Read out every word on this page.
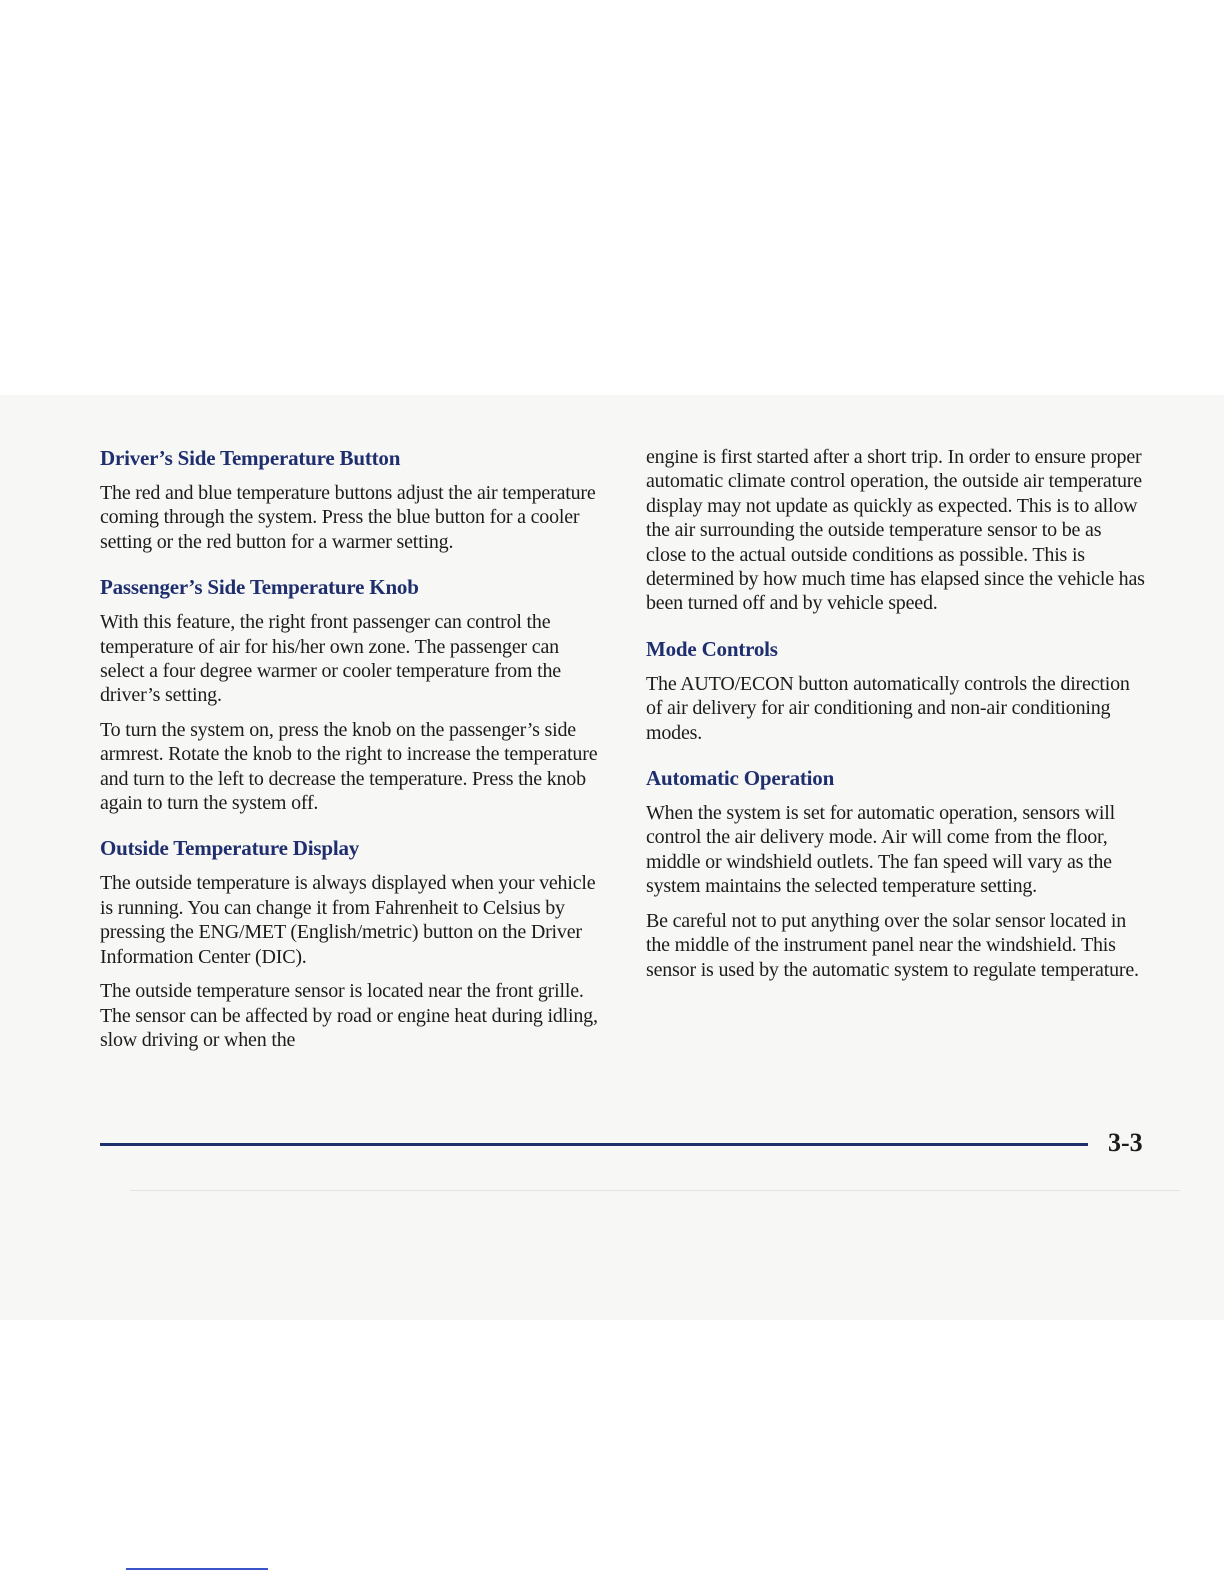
Driver’s Side Temperature Button

The red and blue temperature buttons adjust the air temperature coming through the system. Press the blue button for a cooler setting or the red button for a warmer setting.

Passenger’s Side Temperature Knob

With this feature, the right front passenger can control the temperature of air for his/her own zone. The passenger can select a four degree warmer or cooler temperature from the driver’s setting.

To turn the system on, press the knob on the passenger’s side armrest. Rotate the knob to the right to increase the temperature and turn to the left to decrease the temperature. Press the knob again to turn the system off.

Outside Temperature Display

The outside temperature is always displayed when your vehicle is running. You can change it from Fahrenheit to Celsius by pressing the ENG/MET (English/metric) button on the Driver Information Center (DIC).

The outside temperature sensor is located near the front grille. The sensor can be affected by road or engine heat during idling, slow driving or when the

engine is first started after a short trip. In order to ensure proper automatic climate control operation, the outside air temperature display may not update as quickly as expected. This is to allow the air surrounding the outside temperature sensor to be as close to the actual outside conditions as possible. This is determined by how much time has elapsed since the vehicle has been turned off and by vehicle speed.

Mode Controls

The AUTO/ECON button automatically controls the direction of air delivery for air conditioning and non-air conditioning modes.

Automatic Operation

When the system is set for automatic operation, sensors will control the air delivery mode. Air will come from the floor, middle or windshield outlets. The fan speed will vary as the system maintains the selected temperature setting.

Be careful not to put anything over the solar sensor located in the middle of the instrument panel near the windshield. This sensor is used by the automatic system to regulate temperature.

3-3
